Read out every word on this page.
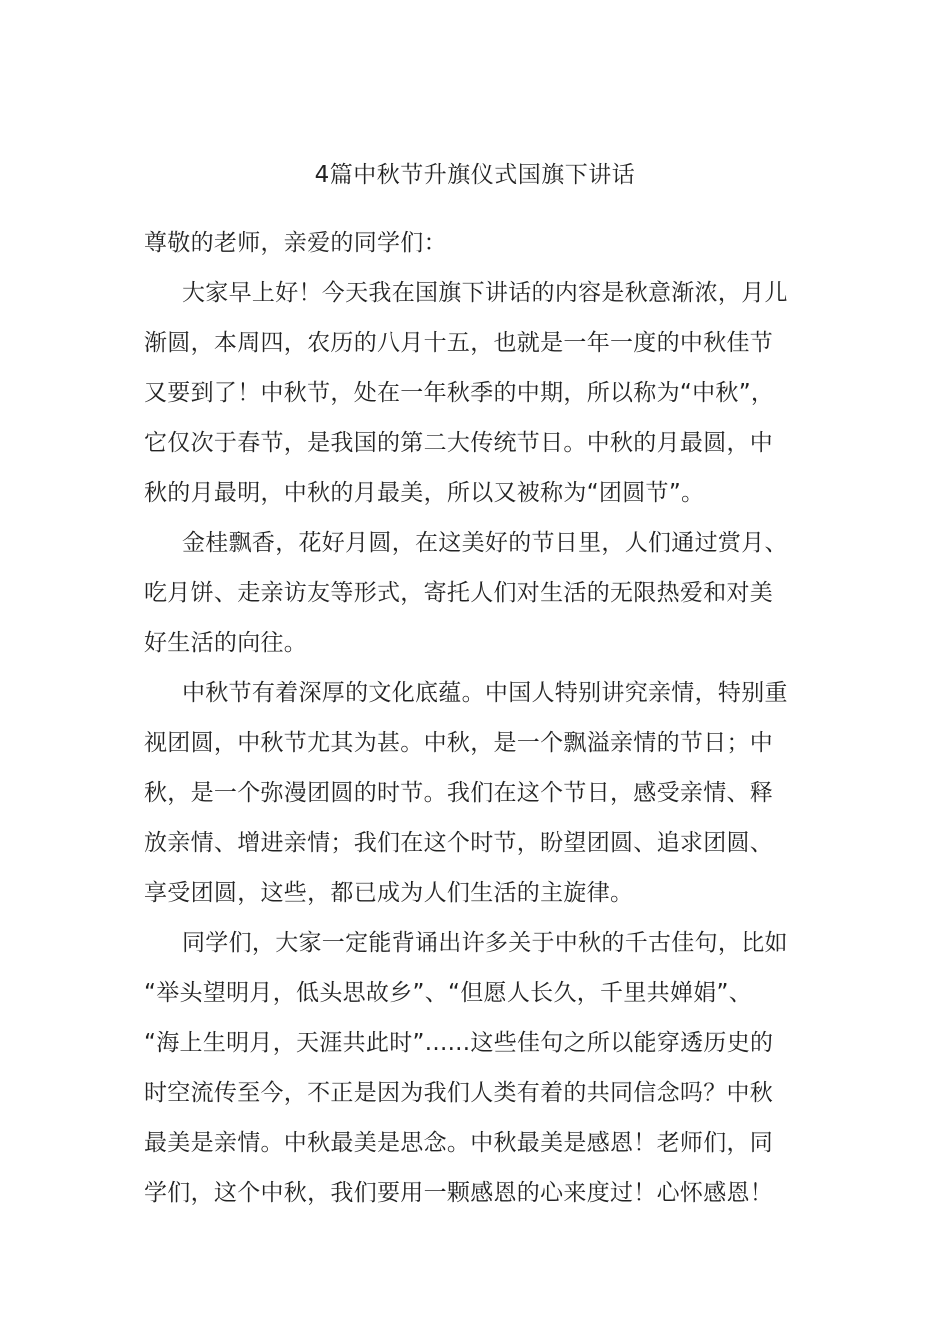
4篇中秋节升旗仪式国旗下讲话
尊敬的老师，亲爱的同学们：
大家早上好！今天我在国旗下讲话的内容是秋意渐浓，月儿
渐圆，本周四，农历的八月十五，也就是一年一度的中秋佳节
又要到了！中秋节，处在一年秋季的中期，所以称为“中秋”，
它仅次于春节，是我国的第二大传统节日。中秋的月最圆，中
秋的月最明，中秋的月最美，所以又被称为“团圆节”。
金桂飘香，花好月圆，在这美好的节日里，人们通过赏月、
吃月饼、走亲访友等形式，寄托人们对生活的无限热爱和对美
好生活的向往。
中秋节有着深厚的文化底蕴。中国人特别讲究亲情，特别重
视团圆，中秋节尤其为甚。中秋，是一个飘溢亲情的节日；中
秋，是一个弥漫团圆的时节。我们在这个节日，感受亲情、释
放亲情、增进亲情；我们在这个时节，盼望团圆、追求团圆、
享受团圆，这些，都已成为人们生活的主旋律。
同学们，大家一定能背诵出许多关于中秋的千古佳句，比如
“举头望明月，低头思故乡”、“但愿人长久，千里共婵娟”、
“海上生明月，天涯共此时”......这些佳句之所以能穿透历史的
时空流传至今，不正是因为我们人类有着的共同信念吗？中秋
最美是亲情。中秋最美是思念。中秋最美是感恩！老师们，同
学们，这个中秋，我们要用一颗感恩的心来度过！心怀感恩！
